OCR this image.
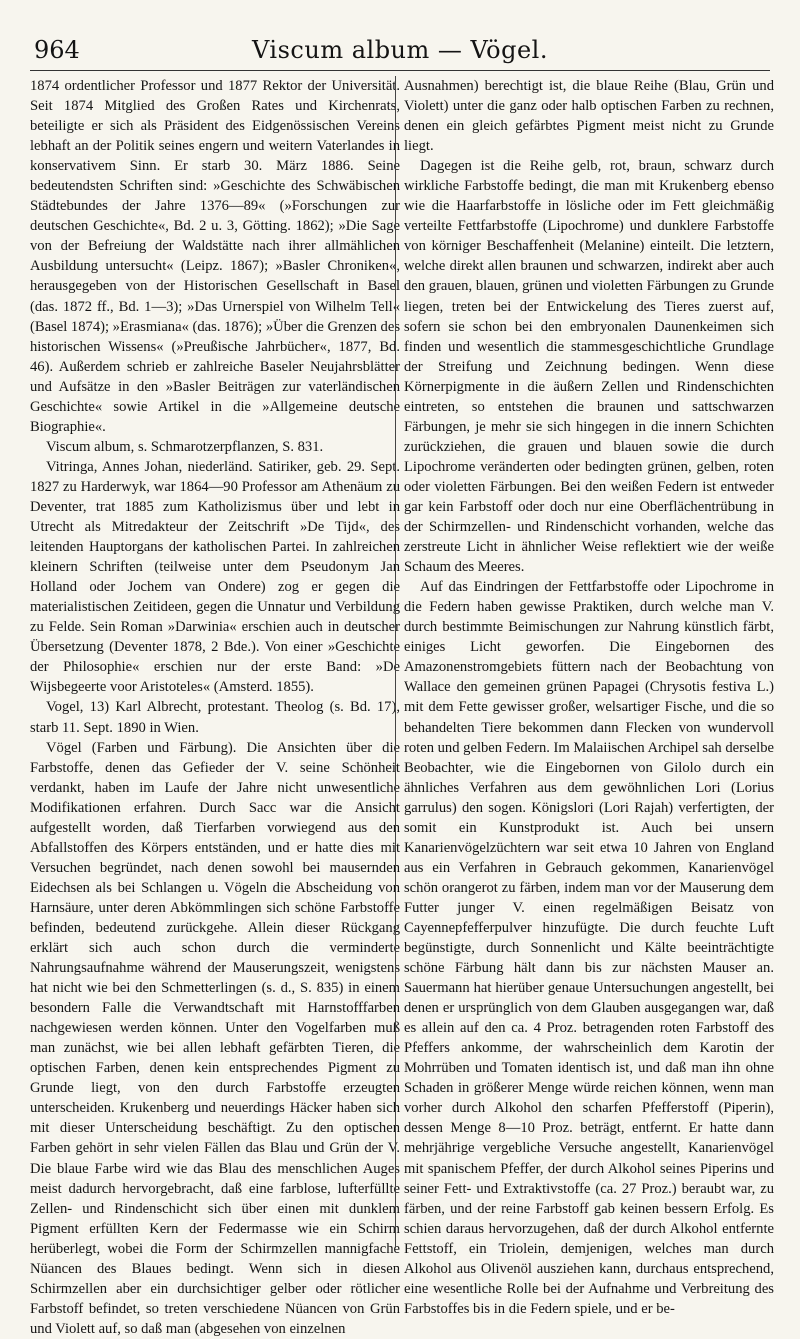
964	Viscum album — Vögel.

1874 ordentlicher Professor und 1877 Rektor der Universität. Seit 1874 Mitglied des Großen Rates und Kirchenrats, beteiligte er sich als Präsident des Eidgenössischen Vereins lebhaft an der Politik seines engern und weitern Vaterlandes in konservativem Sinn. Er starb 30. März 1886. Seine bedeutendsten Schriften sind: »Geschichte des Schwäbischen Städtebundes der Jahre 1376—89« (»Forschungen zur deutschen Geschichte«, Bd. 2 u. 3, Götting. 1862); »Die Sage von der Befreiung der Waldstätte nach ihrer allmählichen Ausbildung untersucht« (Leipz. 1867); »Basler Chroniken«, herausgegeben von der Historischen Gesellschaft in Basel (das. 1872 ff., Bd. 1—3); »Das Urnerspiel von Wilhelm Tell« (Basel 1874); »Erasmiana« (das. 1876); »Über die Grenzen des historischen Wissens« (»Preußische Jahrbücher«, 1877, Bd. 46). Außerdem schrieb er zahlreiche Baseler Neujahrsblätter und Aufsätze in den »Basler Beiträgen zur vaterländischen Geschichte« sowie Artikel in die »Allgemeine deutsche Biographie«.

Viscum album, s. Schmarotzerpflanzen, S. 831.

Vitringa, Annes Johan, niederländ. Satiriker, geb. 29. Sept. 1827 zu Harderwyk, war 1864—90 Professor am Athenäum zu Deventer, trat 1885 zum Katholizismus über und lebt in Utrecht als Mitredakteur der Zeitschrift »De Tijd«, des leitenden Hauptorgans der katholischen Partei. In zahlreichen kleinern Schriften (teilweise unter dem Pseudonym Jan Holland oder Jochem van Ondere) zog er gegen die materialistischen Zeitideen, gegen die Unnatur und Verbildung zu Felde. Sein Roman »Darwinia« erschien auch in deutscher Übersetzung (Deventer 1878, 2 Bde.). Von einer »Geschichte der Philosophie« erschien nur der erste Band: »De Wijsbegeerte voor Aristoteles« (Amsterd. 1855).

Vogel, 13) Karl Albrecht, protestant. Theolog (s. Bd. 17), starb 11. Sept. 1890 in Wien.

Vögel (Farben und Färbung). Die Ansichten über die Farbstoffe, denen das Gefieder der V. seine Schönheit verdankt, haben im Laufe der Jahre nicht unwesentliche Modifikationen erfahren. Durch Sacc war die Ansicht aufgestellt worden, daß Tierfarben vorwiegend aus den Abfallstoffen des Körpers entständen, und er hatte dies mit Versuchen begründet, nach denen sowohl bei mausernden Eidechsen als bei Schlangen u. Vögeln die Abscheidung von Harnsäure, unter deren Abkömmlingen sich schöne Farbstoffe befinden, bedeutend zurückgehe. Allein dieser Rückgang erklärt sich auch schon durch die verminderte Nahrungsaufnahme während der Mauserungszeit, wenigstens hat nicht wie bei den Schmetterlingen (s. d., S. 835) in einem besondern Falle die Verwandtschaft mit Harnstofffarben nachgewiesen werden können. Unter den Vogelfarben muß man zunächst, wie bei allen lebhaft gefärbten Tieren, die optischen Farben, denen kein entsprechendes Pigment zu Grunde liegt, von den durch Farbstoffe erzeugten unterscheiden. Krukenberg und neuerdings Häcker haben sich mit dieser Unterscheidung beschäftigt. Zu den optischen Farben gehört in sehr vielen Fällen das Blau und Grün der V. Die blaue Farbe wird wie das Blau des menschlichen Auges meist dadurch hervorgebracht, daß eine farblose, lufterfüllte Zellen- und Rindenschicht sich über einen mit dunklem Pigment erfüllten Kern der Federmasse wie ein Schirm herüberlegt, wobei die Form der Schirmzellen mannigfache Nüancen des Blaues bedingt. Wenn sich in diesen Schirmzellen aber ein durchsichtiger gelber oder rötlicher Farbstoff befindet, so treten verschiedene Nüancen von Grün und Violett auf, so daß man (abgesehen von einzelnen

Ausnahmen) berechtigt ist, die blaue Reihe (Blau, Grün und Violett) unter die ganz oder halb optischen Farben zu rechnen, denen ein gleich gefärbtes Pigment meist nicht zu Grunde liegt.

Dagegen ist die Reihe gelb, rot, braun, schwarz durch wirkliche Farbstoffe bedingt, die man mit Krukenberg ebenso wie die Haarfarbstoffe in lösliche oder im Fett gleichmäßig verteilte Fettfarbstoffe (Lipochrome) und dunklere Farbstoffe von körniger Beschaffenheit (Melanine) einteilt. Die letztern, welche direkt allen braunen und schwarzen, indirekt aber auch den grauen, blauen, grünen und violetten Färbungen zu Grunde liegen, treten bei der Entwickelung des Tieres zuerst auf, sofern sie schon bei den embryonalen Daunenkeimen sich finden und wesentlich die stammesgeschichtliche Grundlage der Streifung und Zeichnung bedingen. Wenn diese Körnerpigmente in die äußern Zellen und Rindenschichten eintreten, so entstehen die braunen und sattschwarzen Färbungen, je mehr sie sich hingegen in die innern Schichten zurückziehen, die grauen und blauen sowie die durch Lipochrome veränderten oder bedingten grünen, gelben, roten oder violetten Färbungen. Bei den weißen Federn ist entweder gar kein Farbstoff oder doch nur eine Oberflächentrübung in der Schirmzellen- und Rindenschicht vorhanden, welche das zerstreute Licht in ähnlicher Weise reflektiert wie der weiße Schaum des Meeres.

Auf das Eindringen der Fettfarbstoffe oder Lipochrome in die Federn haben gewisse Praktiken, durch welche man V. durch bestimmte Beimischungen zur Nahrung künstlich färbt, einiges Licht geworfen. Die Eingebornen des Amazonenstromgebiets füttern nach der Beobachtung von Wallace den gemeinen grünen Papagei (Chrysotis festiva L.) mit dem Fette gewisser großer, welsartiger Fische, und die so behandelten Tiere bekommen dann Flecken von wundervoll roten und gelben Federn. Im Malaiischen Archipel sah derselbe Beobachter, wie die Eingebornen von Gilolo durch ein ähnliches Verfahren aus dem gewöhnlichen Lori (Lorius garrulus) den sogen. Königslori (Lori Rajah) verfertigten, der somit ein Kunstprodukt ist. Auch bei unsern Kanarienvögelzüchtern war seit etwa 10 Jahren von England aus ein Verfahren in Gebrauch gekommen, Kanarienvögel schön orangerot zu färben, indem man vor der Mauserung dem Futter junger V. einen regelmäßigen Beisatz von Cayennepfefferpulver hinzufügte. Die durch feuchte Luft begünstigte, durch Sonnenlicht und Kälte beeinträchtigte schöne Färbung hält dann bis zur nächsten Mauser an. Sauermann hat hierüber genaue Untersuchungen angestellt, bei denen er ursprünglich von dem Glauben ausgegangen war, daß es allein auf den ca. 4 Proz. betragenden roten Farbstoff des Pfeffers ankomme, der wahrscheinlich dem Karotin der Mohrrüben und Tomaten identisch ist, und daß man ihn ohne Schaden in größerer Menge würde reichen können, wenn man vorher durch Alkohol den scharfen Pfefferstoff (Piperin), dessen Menge 8—10 Proz. beträgt, entfernt. Er hatte dann mehrjährige vergebliche Versuche angestellt, Kanarienvögel mit spanischem Pfeffer, der durch Alkohol seines Piperins und seiner Fett- und Extraktivstoffe (ca. 27 Proz.) beraubt war, zu färben, und der reine Farbstoff gab keinen bessern Erfolg. Es schien daraus hervorzugehen, daß der durch Alkohol entfernte Fettstoff, ein Triolein, demjenigen, welches man durch Alkohol aus Olivenöl ausziehen kann, durchaus entsprechend, eine wesentliche Rolle bei der Aufnahme und Verbreitung des Farbstoffes bis in die Federn spiele, und er be-
